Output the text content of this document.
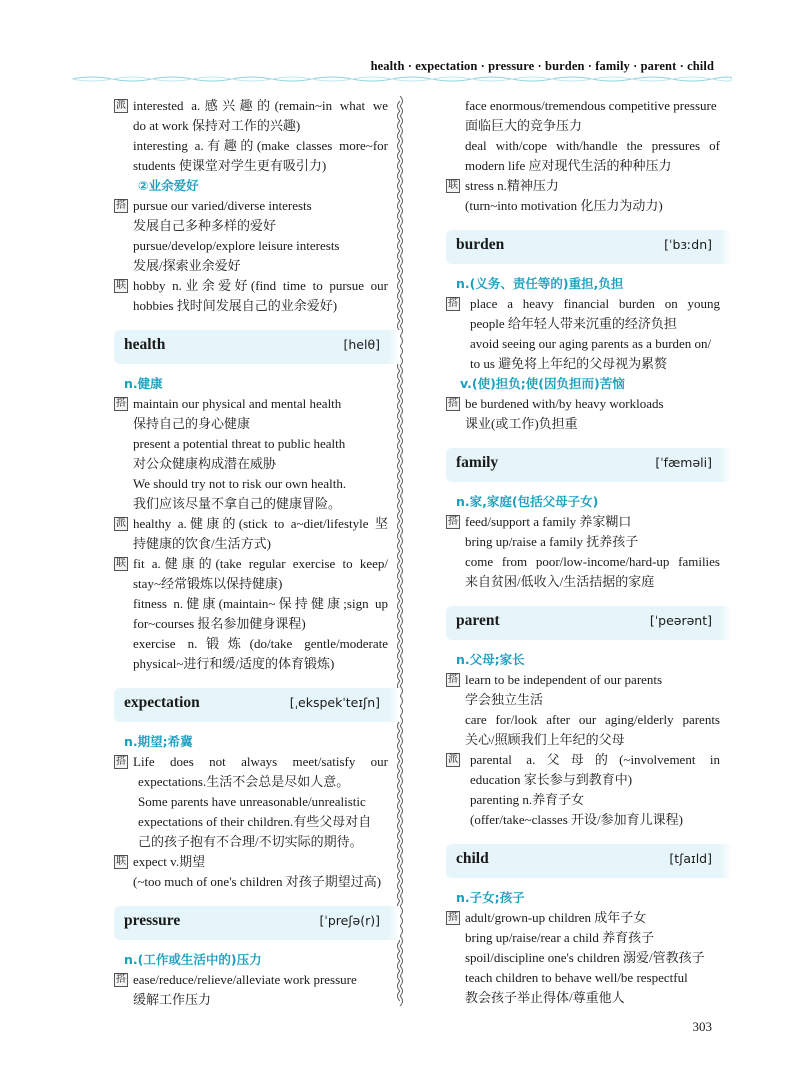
health · expectation · pressure · burden · family · parent · child
派 interested a.感兴趣的(remain~in what we
do at work 保持对工作的兴趣)
interesting a.有趣的(make classes more~for
students 使课堂对学生更有吸引力)
②业余爱好
搭 pursue our varied/diverse interests
发展自己多种多样的爱好
pursue/develop/explore leisure interests
发展/探索业余爱好
联 hobby n.业余爱好(find time to pursue our
hobbies 找时间发展自己的业余爱好)
health	[helθ]
n.健康
搭 maintain our physical and mental health
保持自己的身心健康
present a potential threat to public health
对公众健康构成潜在威胁
We should try not to risk our own health.
我们应该尽量不拿自己的健康冒险。
派 healthy a.健康的(stick to a~diet/lifestyle 坚
持健康的饮食/生活方式)
联 fit a.健康的(take regular exercise to keep/
stay~经常锻炼以保持健康)
fitness n.健康(maintain~保持健康;sign up
for~courses 报名参加健身课程)
exercise n.锻炼(do/take gentle/moderate
physical~进行和缓/适度的体育锻炼)
expectation	[ˌekspekˈteɪʃn]
n.期望;希冀
搭 Life does not always meet/satisfy our
expectations.生活不会总是尽如人意。
Some parents have unreasonable/unrealistic
expectations of their children.有些父母对自
己的孩子抱有不合理/不切实际的期待。
联 expect v.期望
(~too much of one's children 对孩子期望过高)
pressure	[ˈpreʃə(r)]
n.(工作或生活中的)压力
搭 ease/reduce/relieve/alleviate work pressure
缓解工作压力
face enormous/tremendous competitive pressure
面临巨大的竞争压力
deal with/cope with/handle the pressures of
modern life 应对现代生活的种种压力
联 stress n.精神压力
(turn~into motivation 化压力为动力)
burden	[ˈbɜːdn]
n.(义务、责任等的)重担,负担
搭 place a heavy financial burden on young
people 给年轻人带来沉重的经济负担
avoid seeing our aging parents as a burden on/
to us 避免将上年纪的父母视为累赘
v.(使)担负;使(因负担而)苦恼
搭 be burdened with/by heavy workloads
课业(或工作)负担重
family	[ˈfæməli]
n.家,家庭(包括父母子女)
搭 feed/support a family 养家糊口
bring up/raise a family 抚养孩子
come from poor/low-income/hard-up families
来自贫困/低收入/生活拮据的家庭
parent	[ˈpeərənt]
n.父母;家长
搭 learn to be independent of our parents
学会独立生活
care for/look after our aging/elderly parents
关心/照顾我们上年纪的父母
派 parental a.父母的(~involvement in
education 家长参与到教育中)
parenting n.养育子女
(offer/take~classes 开设/参加育儿课程)
child	[tʃaɪld]
n.子女;孩子
搭 adult/grown-up children 成年子女
bring up/raise/rear a child 养育孩子
spoil/discipline one's children 溺爱/管教孩子
teach children to behave well/be respectful
教会孩子举止得体/尊重他人
303
